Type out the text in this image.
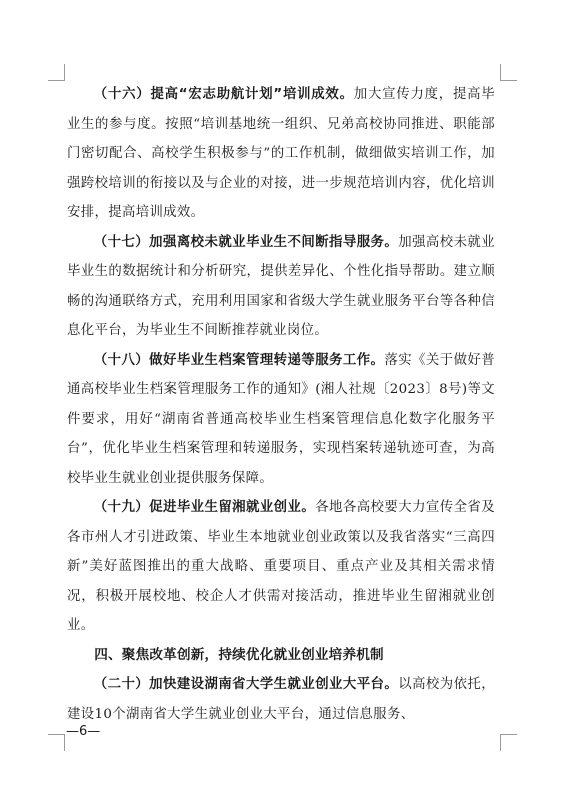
（十六）提高“宏志助航计划”培训成效。加大宣传力度，提高毕业生的参与度。按照“培训基地统一组织、兄弟高校协同推进、职能部门密切配合、高校学生积极参与”的工作机制，做细做实培训工作，加强跨校培训的衔接以及与企业的对接，进一步规范培训内容，优化培训安排，提高培训成效。

（十七）加强离校未就业毕业生不间断指导服务。加强高校未就业毕业生的数据统计和分析研究，提供差异化、个性化指导帮助。建立顺畅的沟通联络方式，充用利用国家和省级大学生就业服务平台等各种信息化平台，为毕业生不间断推荐就业岗位。

（十八）做好毕业生档案管理转递等服务工作。落实《关于做好普通高校毕业生档案管理服务工作的通知》(湘人社规〔2023〕8号)等文件要求，用好“湖南省普通高校毕业生档案管理信息化数字化服务平台”，优化毕业生档案管理和转递服务，实现档案转递轨迹可查，为高校毕业生就业创业提供服务保障。

（十九）促进毕业生留湘就业创业。各地各高校要大力宣传全省及各市州人才引进政策、毕业生本地就业创业政策以及我省落实“三高四新”美好蓝图推出的重大战略、重要项目、重点产业及其相关需求情况，积极开展校地、校企人才供需对接活动，推进毕业生留湘就业创业。

四、聚焦改革创新，持续优化就业创业培养机制

（二十）加快建设湖南省大学生就业创业大平台。以高校为依托，建设10个湖南省大学生就业创业大平台，通过信息服务、

—6—
